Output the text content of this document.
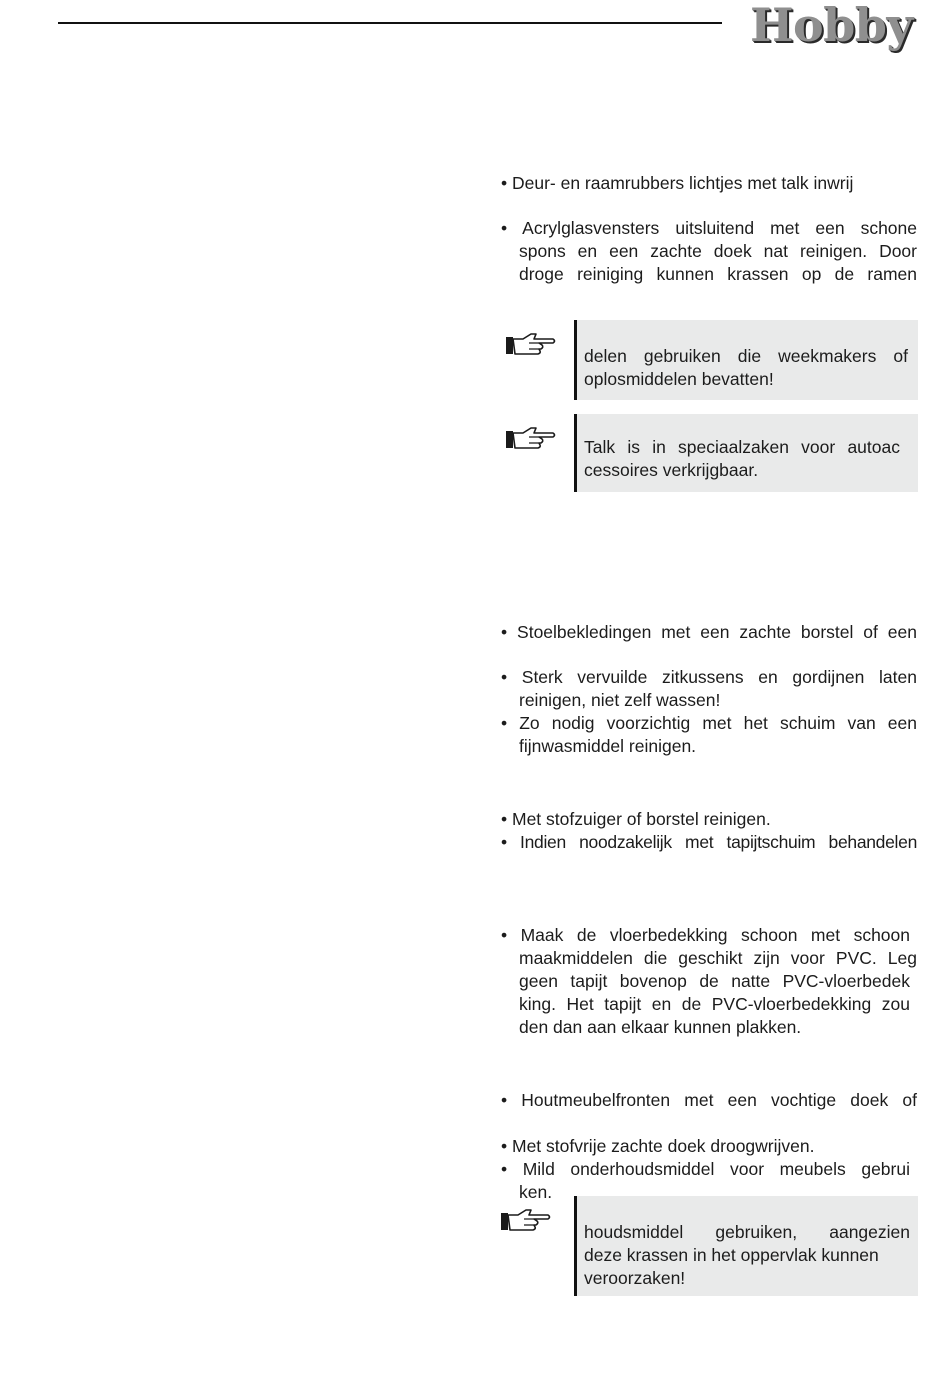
Hobby
• Deur- en raamrubbers lichtjes met talk inwrij
• Acrylglasvensters uitsluitend met een schone
spons en een zachte doek nat reinigen. Door
droge reiniging kunnen krassen op de ramen
delen gebruiken die weekmakers of
oplosmiddelen bevatten!
Talk is in speciaalzaken voor autoac
cessoires verkrijgbaar.
• Stoelbekledingen met een zachte borstel of een
• Sterk vervuilde zitkussens en gordijnen laten
reinigen, niet zelf wassen!
• Zo nodig voorzichtig met het schuim van een
fijnwasmiddel reinigen.
• Met stofzuiger of borstel reinigen.
• Indien noodzakelijk met tapijtschuim behandelen
• Maak de vloerbedekking schoon met schoon
maakmiddelen die geschikt zijn voor PVC. Leg
geen tapijt bovenop de natte PVC-vloerbedek
king. Het tapijt en de PVC-vloerbedekking zou
den dan aan elkaar kunnen plakken.
• Houtmeubelfronten met een vochtige doek of
• Met stofvrije zachte doek droogwrijven.
• Mild onderhoudsmiddel voor meubels gebrui
ken.
houdsmiddel gebruiken, aangezien
deze krassen in het oppervlak kunnen
veroorzaken!
